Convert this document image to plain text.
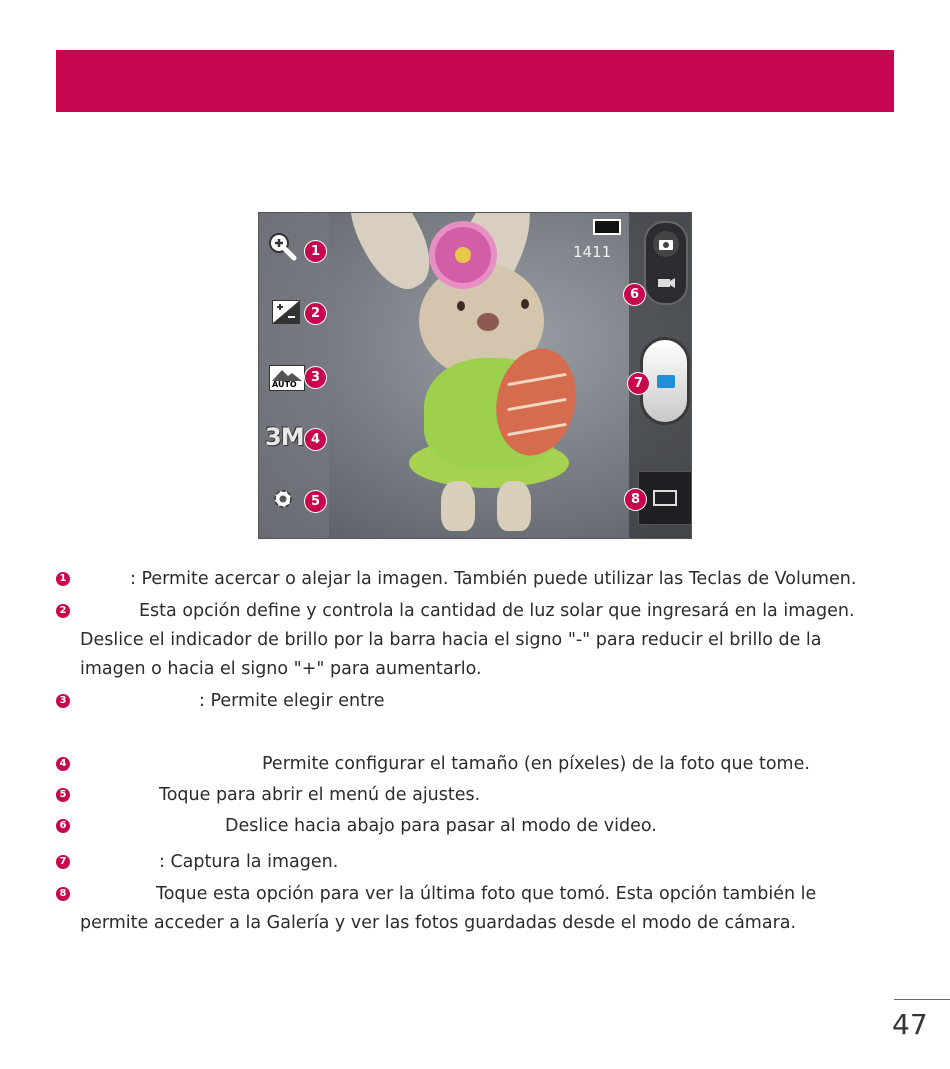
1
2
AUTO	3
3M 4
5
1411
6
7
8
1	: Permite acercar o alejar la imagen. También puede utilizar las Teclas de Volumen.
2	Esta opción define y controla la cantidad de luz solar que ingresará en la imagen.
Deslice el indicador de brillo por la barra hacia el signo "-" para reducir el brillo de la
imagen o hacia el signo "+" para aumentarlo.
3	: Permite elegir entre
4	Permite configurar el tamaño (en píxeles) de la foto que tome.
5	Toque para abrir el menú de ajustes.
6	Deslice hacia abajo para pasar al modo de video.
7	: Captura la imagen.
8	Toque esta opción para ver la última foto que tomó. Esta opción también le
permite acceder a la Galería y ver las fotos guardadas desde el modo de cámara.
47
